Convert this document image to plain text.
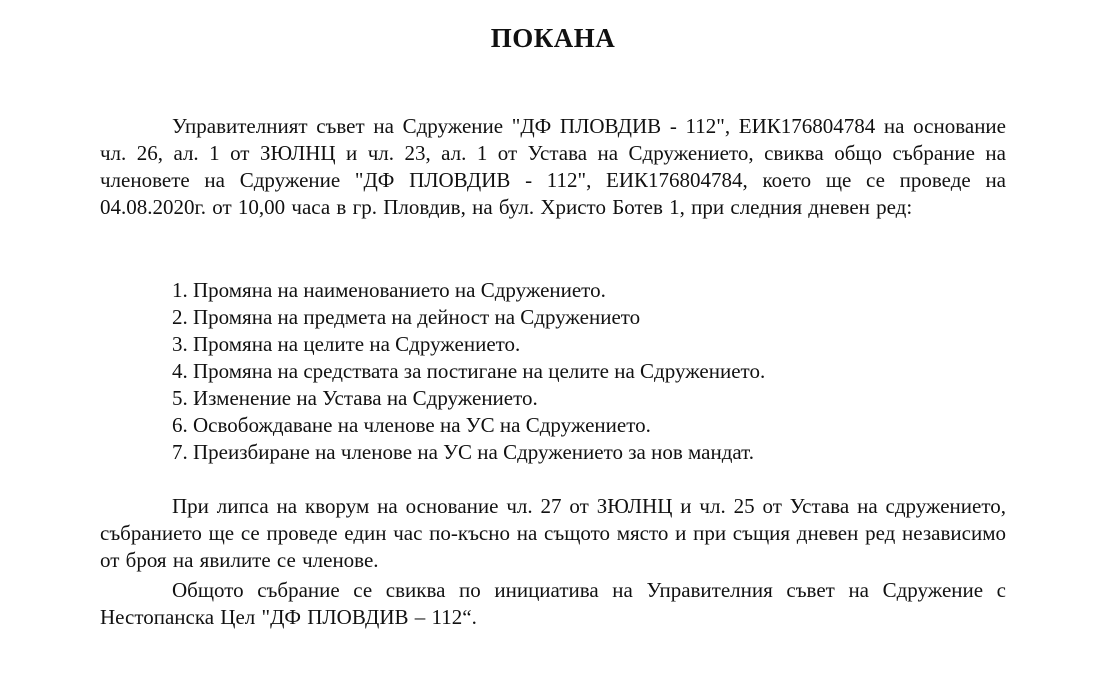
ПОКАНА

Управителният съвет на Сдружение "ДФ ПЛОВДИВ - 112", ЕИК176804784 на основание чл. 26, ал. 1 от ЗЮЛНЦ и чл. 23, ал. 1 от Устава на Сдружението, свиква общо събрание на членовете на Сдружение "ДФ ПЛОВДИВ - 112", ЕИК176804784, което ще се проведе на 04.08.2020г. от 10,00 часа в гр. Пловдив, на бул. Христо Ботев 1, при следния дневен ред:

1. Промяна на наименованието на Сдружението.
2. Промяна на предмета на дейност на Сдружението
3. Промяна на целите на Сдружението.
4. Промяна на средствата за постигане на целите на Сдружението.
5. Изменение на Устава на Сдружението.
6. Освобождаване на членове на УС на Сдружението.
7. Преизбиране на членове на УС на Сдружението за нов мандат.

При липса на кворум на основание чл. 27 от ЗЮЛНЦ и чл. 25 от Устава на сдружението, събранието ще се проведе един час по-късно на същото място и при същия дневен ред независимо от броя на явилите се членове.

Общото събрание се свиква по инициатива на Управителния съвет на Сдружение с Нестопанска Цел "ДФ ПЛОВДИВ – 112“.
